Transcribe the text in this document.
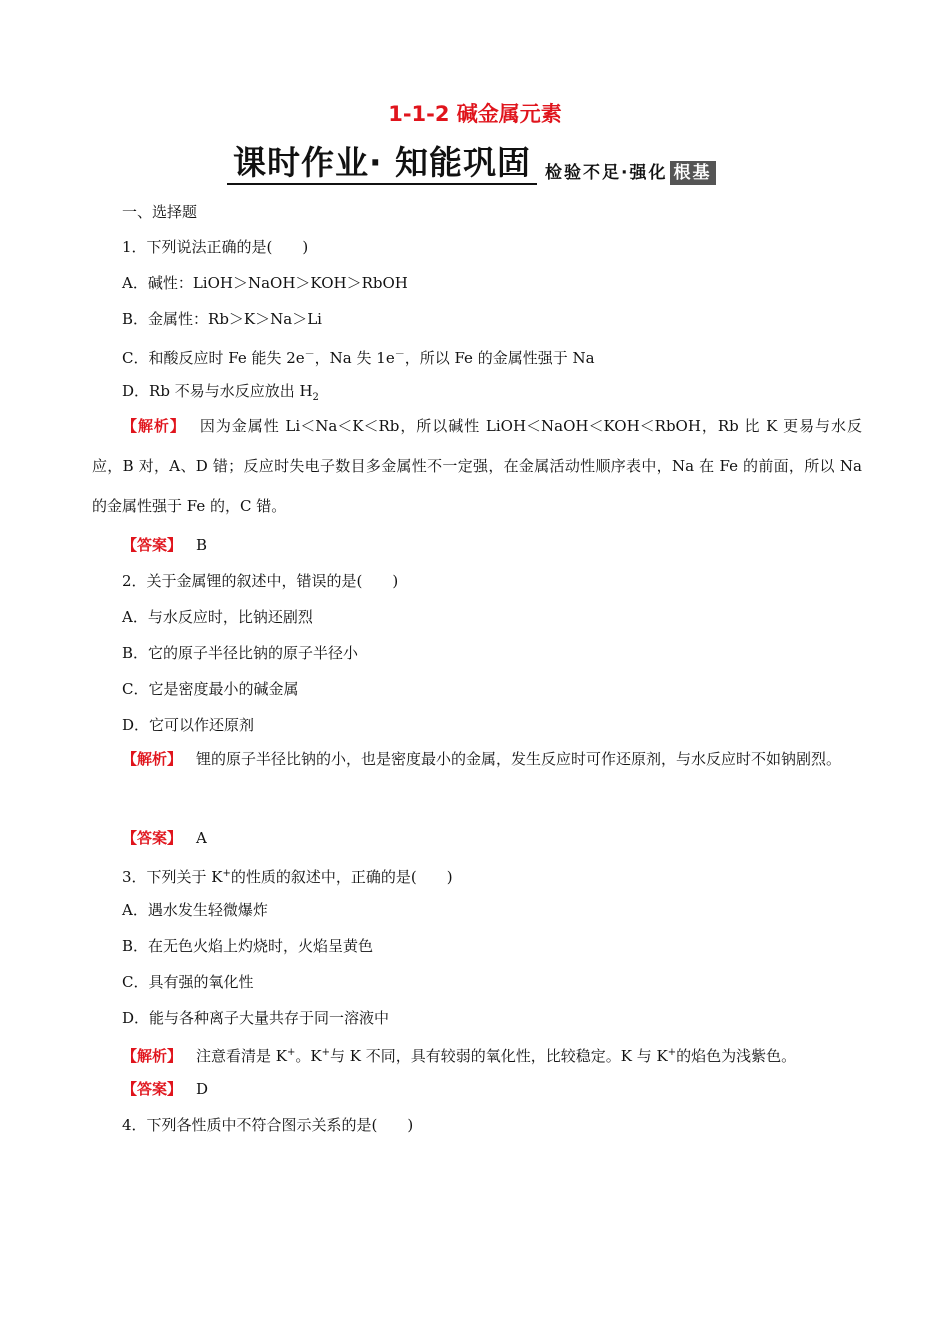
1-1-2 碱金属元素
课时作业· 知能巩固 检验不足·强化 根基
一、选择题
1．下列说法正确的是(　　)
A．碱性：LiOH＞NaOH＞KOH＞RbOH
B．金属性：Rb＞K＞Na＞Li
C．和酸反应时 Fe 能失 2e－，Na 失 1e－，所以 Fe 的金属性强于 Na
D．Rb 不易与水反应放出 $H_2$
【解析】 因为金属性 Li＜Na＜K＜Rb，所以碱性 LiOH＜NaOH＜KOH＜RbOH，Rb 比 K 更易与水反应，B 对，A、D 错；反应时失电子数目多金属性不一定强，在金属活动性顺序表中，Na 在 Fe 的前面，所以 Na 的金属性强于 Fe 的，C 错。
【答案】 B
2．关于金属锂的叙述中，错误的是(　　)
A．与水反应时，比钠还剧烈
B．它的原子半径比钠的原子半径小
C．它是密度最小的碱金属
D．它可以作还原剂
【解析】 锂的原子半径比钠的小，也是密度最小的金属，发生反应时可作还原剂，与水反应时不如钠剧烈。
【答案】 A
3．下列关于 K+的性质的叙述中，正确的是(　　)
A．遇水发生轻微爆炸
B．在无色火焰上灼烧时，火焰呈黄色
C．具有强的氧化性
D．能与各种离子大量共存于同一溶液中
【解析】 注意看清是 K+。K+与 K 不同，具有较弱的氧化性，比较稳定。K 与 K+的焰色为浅紫色。
【答案】 D
4．下列各性质中不符合图示关系的是(　　)
